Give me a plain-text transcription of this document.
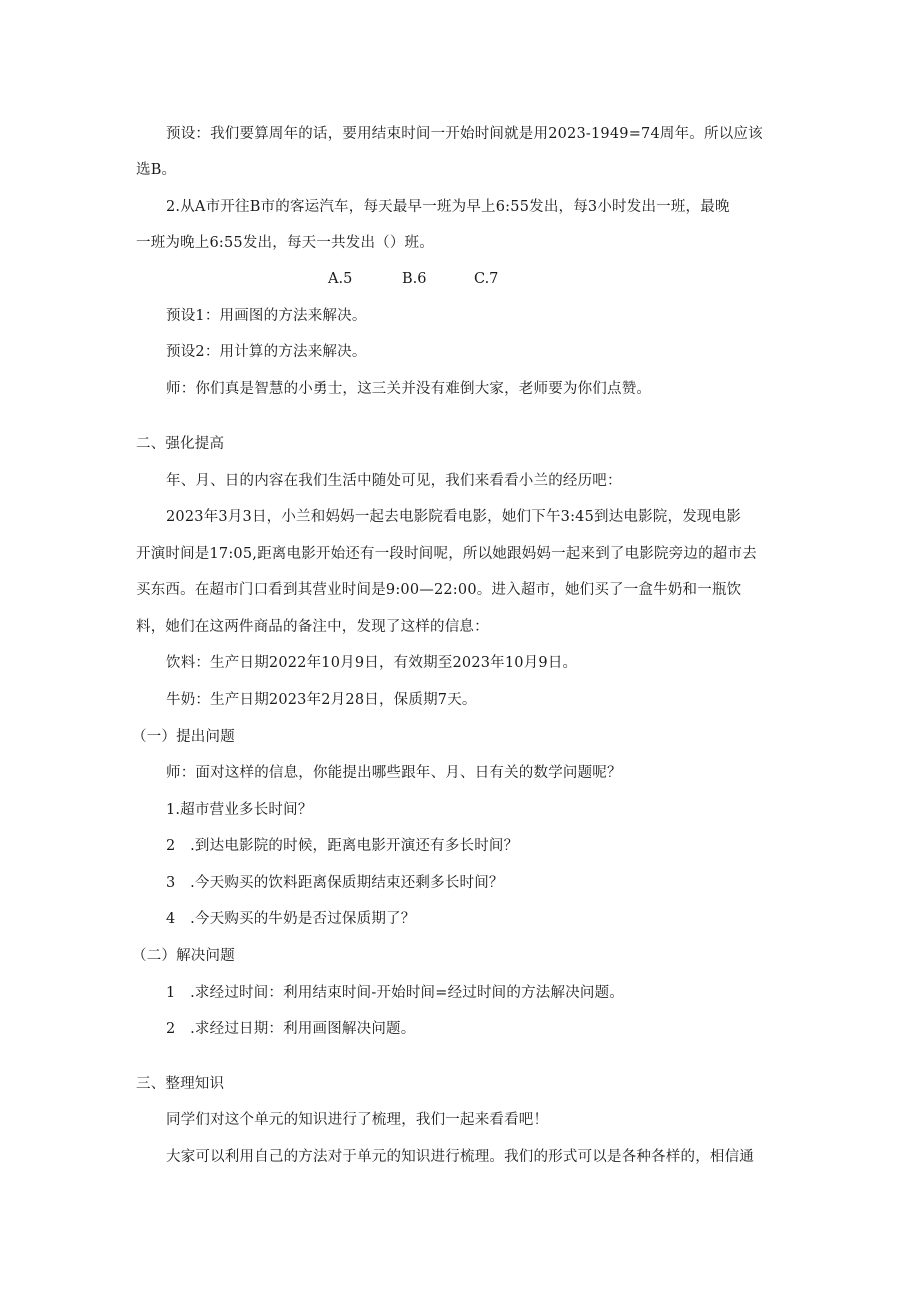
预设：我们要算周年的话，要用结束时间一开始时间就是用2023-1949=74周年。所以应该
选B。
2.从A市开往B市的客运汽车，每天最早一班为早上6:55发出，每3小时发出一班，最晚
一班为晚上6:55发出，每天一共发出（）班。
A.5	B.6	C.7
预设1：用画图的方法来解决。
预设2：用计算的方法来解决。
师：你们真是智慧的小勇士，这三关并没有难倒大家，老师要为你们点赞。
二、强化提高
年、月、日的内容在我们生活中随处可见，我们来看看小兰的经历吧：
2023年3月3日，小兰和妈妈一起去电影院看电影，她们下午3:45到达电影院，发现电影
开演时间是17:05,距离电影开始还有一段时间呢，所以她跟妈妈一起来到了电影院旁边的超市去
买东西。在超市门口看到其营业时间是9:00—22:00。进入超市，她们买了一盒牛奶和一瓶饮
料，她们在这两件商品的备注中，发现了这样的信息：
饮料：生产日期2022年10月9日，有效期至2023年10月9日。
牛奶：生产日期2023年2月28日，保质期7天。
（一）提出问题
师：面对这样的信息，你能提出哪些跟年、月、日有关的数学问题呢？
1.超市营业多长时间？
2　.到达电影院的时候，距离电影开演还有多长时间？
3　.今天购买的饮料距离保质期结束还剩多长时间？
4　.今天购买的牛奶是否过保质期了？
（二）解决问题
1　.求经过时间：利用结束时间-开始时间=经过时间的方法解决问题。
2　.求经过日期：利用画图解决问题。
三、整理知识
同学们对这个单元的知识进行了梳理，我们一起来看看吧！
大家可以利用自己的方法对于单元的知识进行梳理。我们的形式可以是各种各样的，相信通
